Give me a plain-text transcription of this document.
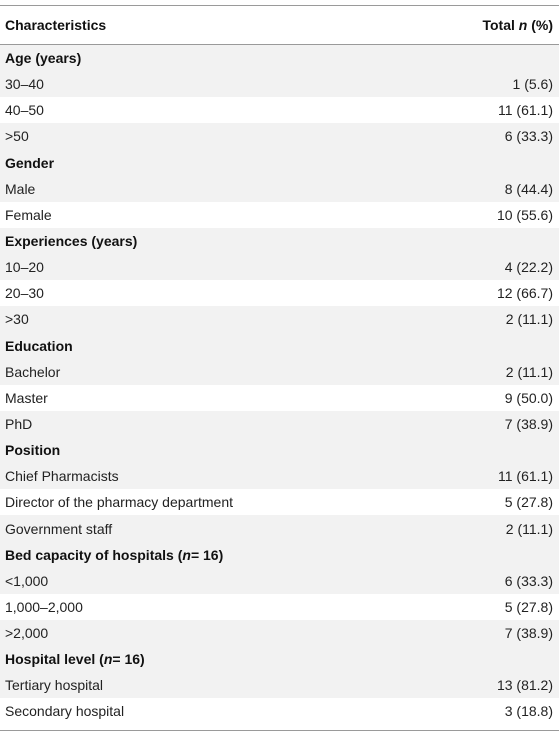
Characteristics	Total n (%)
Age (years)
30–40	1 (5.6)
40–50	11 (61.1)
>50	6 (33.3)
Gender
Male	8 (44.4)
Female	10 (55.6)
Experiences (years)
10–20	4 (22.2)
20–30	12 (66.7)
>30	2 (11.1)
Education
Bachelor	2 (11.1)
Master	9 (50.0)
PhD	7 (38.9)
Position
Chief Pharmacists	11 (61.1)
Director of the pharmacy department	5 (27.8)
Government staff	2 (11.1)
Bed capacity of hospitals ( n = 16)
<1,000	6 (33.3)
1,000–2,000	5 (27.8)
>2,000	7 (38.9)
Hospital level ( n = 16)
Tertiary hospital	13 (81.2)
Secondary hospital	3 (18.8)
